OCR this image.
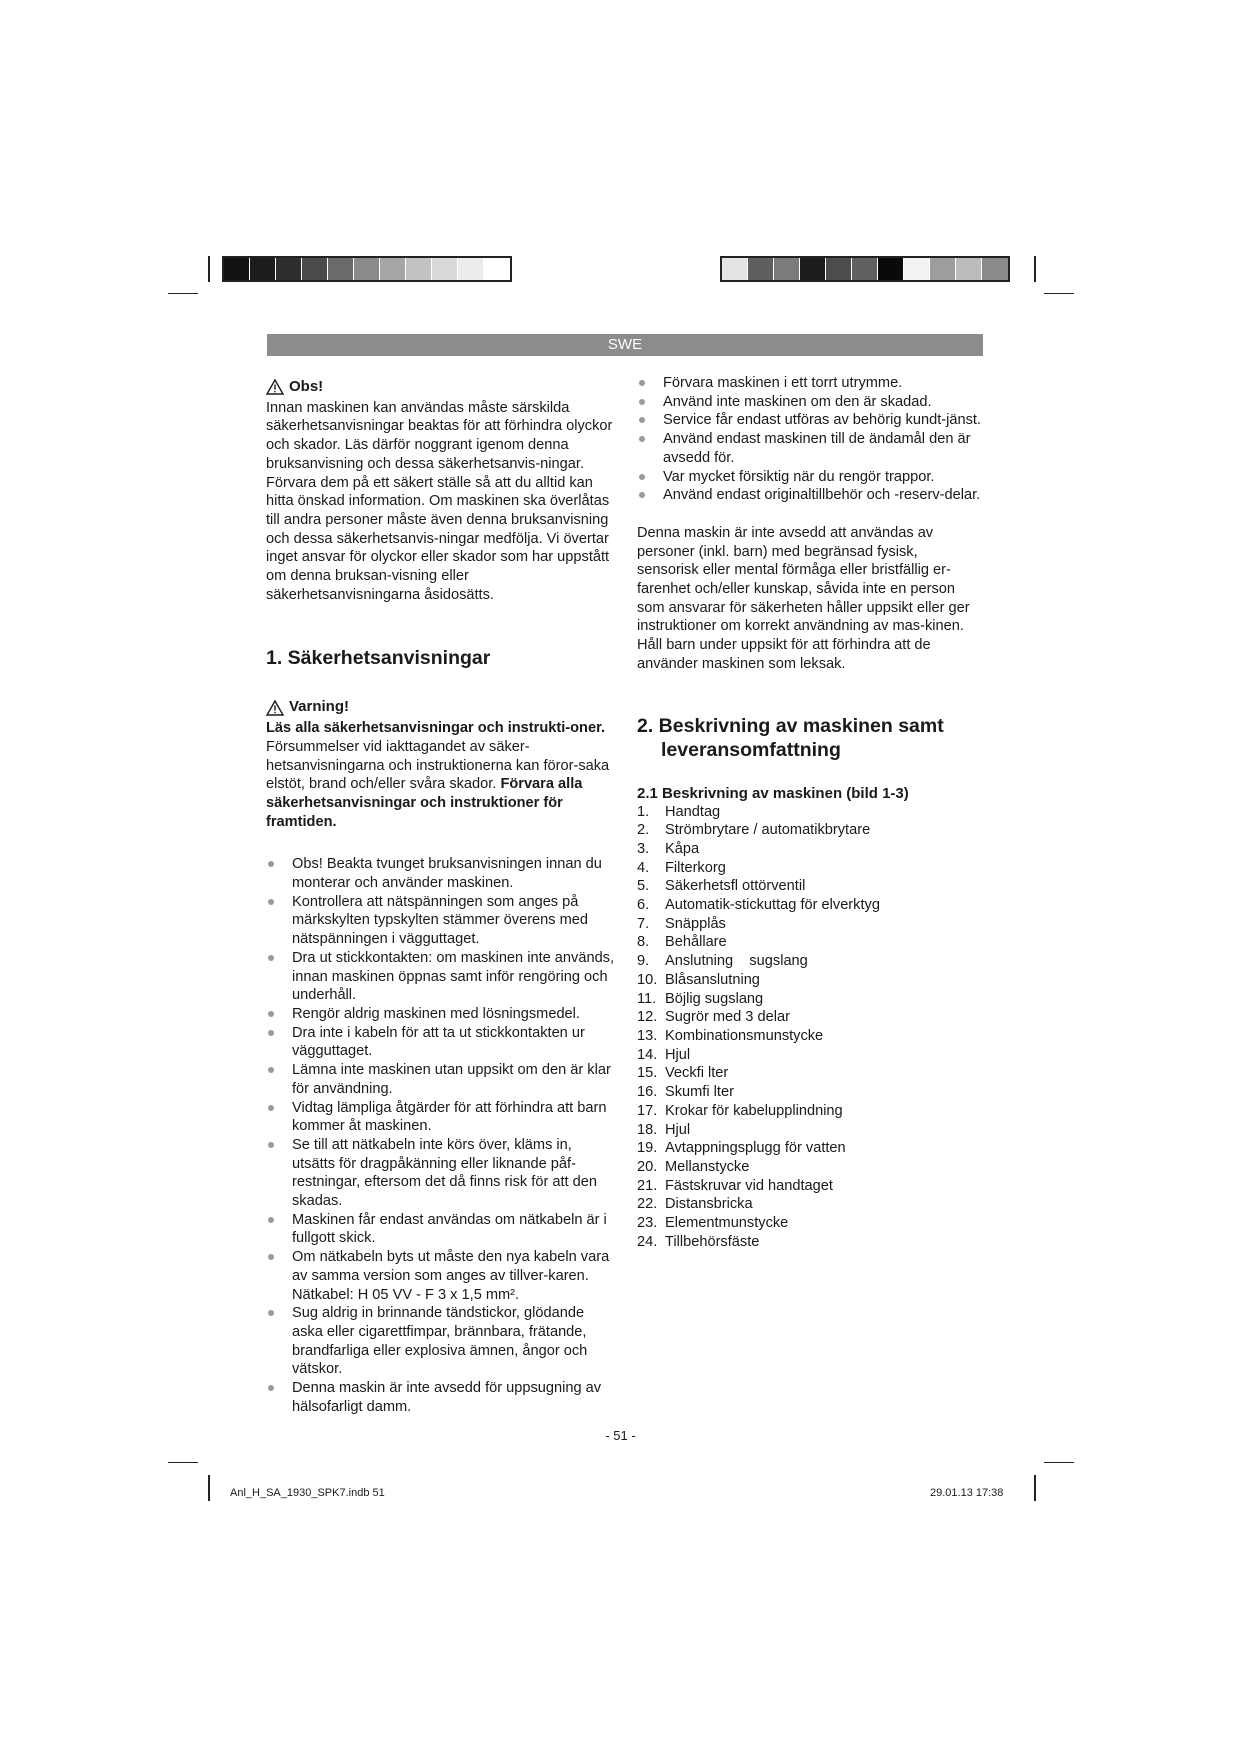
SWE
Obs!

Innan maskinen kan användas måste särskilda säkerhetsanvisningar beaktas för att förhindra olyckor och skador. Läs därför noggrant igenom denna bruksanvisning och dessa säkerhetsanvis-ningar. Förvara dem på ett säkert ställe så att du alltid kan hitta önskad information. Om maskinen ska överlåtas till andra personer måste även denna bruksanvisning och dessa säkerhetsanvis-ningar medfölja. Vi övertar inget ansvar för olyckor eller skador som har uppstått om denna bruksan-visning eller säkerhetsanvisningarna åsidosätts.

1. Säkerhetsanvisningar
Varning!

Läs alla säkerhetsanvisningar och instrukti-oner. Försummelser vid iakttagandet av säker-hetsanvisningarna och instruktionerna kan föror-saka elstöt, brand och/eller svåra skador. Förvara alla säkerhetsanvisningar och instruktioner för framtiden.

Obs! Beakta tvunget bruksanvisningen innan du monterar och använder maskinen.
Kontrollera att nätspänningen som anges på märkskylten typskylten stämmer överens med nätspänningen i vägguttaget.
Dra ut stickkontakten: om maskinen inte används, innan maskinen öppnas samt inför rengöring och underhåll.
Rengör aldrig maskinen med lösningsmedel.
Dra inte i kabeln för att ta ut stickkontakten ur vägguttaget.
Lämna inte maskinen utan uppsikt om den är klar för användning.
Vidtag lämpliga åtgärder för att förhindra att barn kommer åt maskinen.
Se till att nätkabeln inte körs över, kläms in, utsätts för dragpåkänning eller liknande påf-restningar, eftersom det då finns risk för att den skadas.
Maskinen får endast användas om nätkabeln är i fullgott skick.
Om nätkabeln byts ut måste den nya kabeln vara av samma version som anges av tillver-karen. Nätkabel: H 05 VV - F 3 x 1,5 mm².
Sug aldrig in brinnande tändstickor, glödande aska eller cigarettfimpar, brännbara, frätande, brandfarliga eller explosiva ämnen, ångor och vätskor.
Denna maskin är inte avsedd för uppsugning av hälsofarligt damm.
Förvara maskinen i ett torrt utrymme.
Använd inte maskinen om den är skadad.
Service får endast utföras av behörig kundt-jänst.
Använd endast maskinen till de ändamål den är avsedd för.
Var mycket försiktig när du rengör trappor.
Använd endast originaltillbehör och -reserv-delar.

Denna maskin är inte avsedd att användas av personer (inkl. barn) med begränsad fysisk, sensorisk eller mental förmåga eller bristfällig er-farenhet och/eller kunskap, såvida inte en person som ansvarar för säkerheten håller uppsikt eller ger instruktioner om korrekt användning av mas-kinen. Håll barn under uppsikt för att förhindra att de använder maskinen som leksak.

2. Beskrivning av maskinen samt
leveransomfattning
2.1 Beskrivning av maskinen (bild 1-3)
1.	Handtag
2.	Strömbrytare / automatikbrytare
3.	Kåpa
4.	Filterkorg
5.	Säkerhetsfl ottörventil
6.	Automatik-stickuttag för elverktyg
7.	Snäpplås
8.	Behållare
9.	Anslutning    sugslang
10. Blåsanslutning
11. Böjlig sugslang
12. Sugrör med 3 delar
13. Kombinationsmunstycke
14. Hjul
15. Veckfi lter
16. Skumfi lter
17. Krokar för kabelupplindning
18. Hjul
19. Avtappningsplugg för vatten
20. Mellanstycke
21. Fästskruvar vid handtaget
22. Distansbricka
23. Elementmunstycke
24. Tillbehörsfäste
- 51 -
Anl_H_SA_1930_SPK7.indb 51	29.01.13 17:38
